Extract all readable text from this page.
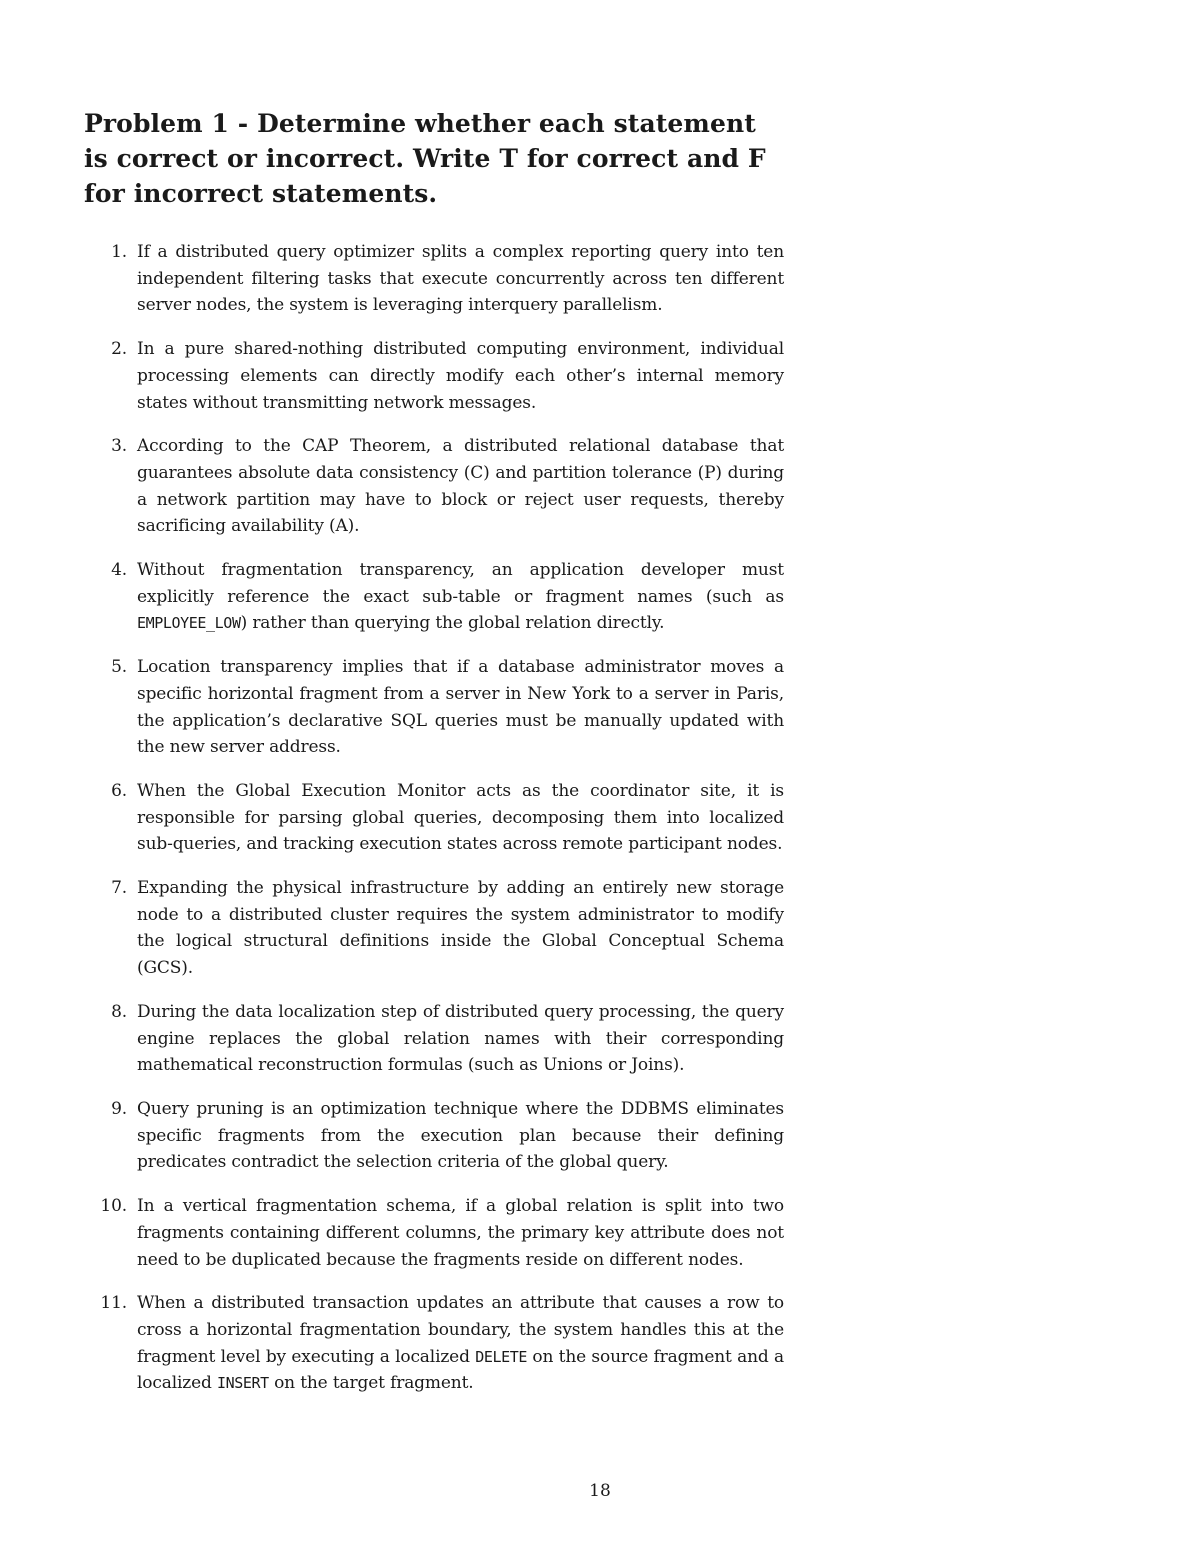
Problem 1 - Determine whether each statement is correct or incorrect. Write T for correct and F for incorrect statements.
1. If a distributed query optimizer splits a complex reporting query into ten independent filtering tasks that execute concurrently across ten different server nodes, the system is leveraging interquery parallelism.
2. In a pure shared-nothing distributed computing environment, individual processing elements can directly modify each other’s internal memory states without transmitting network messages.
3. According to the CAP Theorem, a distributed relational database that guarantees absolute data consistency (C) and partition tolerance (P) during a network partition may have to block or reject user requests, thereby sacrificing availability (A).
4. Without fragmentation transparency, an application developer must explicitly reference the exact sub-table or fragment names (such as EMPLOYEE_LOW) rather than querying the global relation directly.
5. Location transparency implies that if a database administrator moves a specific horizontal fragment from a server in New York to a server in Paris, the application’s declarative SQL queries must be manually updated with the new server address.
6. When the Global Execution Monitor acts as the coordinator site, it is responsible for parsing global queries, decomposing them into localized sub-queries, and tracking execution states across remote participant nodes.
7. Expanding the physical infrastructure by adding an entirely new storage node to a distributed cluster requires the system administrator to modify the logical structural definitions inside the Global Conceptual Schema (GCS).
8. During the data localization step of distributed query processing, the query engine replaces the global relation names with their corresponding mathematical reconstruction formulas (such as Unions or Joins).
9. Query pruning is an optimization technique where the DDBMS eliminates specific fragments from the execution plan because their defining predicates contradict the selection criteria of the global query.
10. In a vertical fragmentation schema, if a global relation is split into two fragments containing different columns, the primary key attribute does not need to be duplicated because the fragments reside on different nodes.
11. When a distributed transaction updates an attribute that causes a row to cross a horizontal fragmentation boundary, the system handles this at the fragment level by executing a localized DELETE on the source fragment and a localized INSERT on the target fragment.
18
